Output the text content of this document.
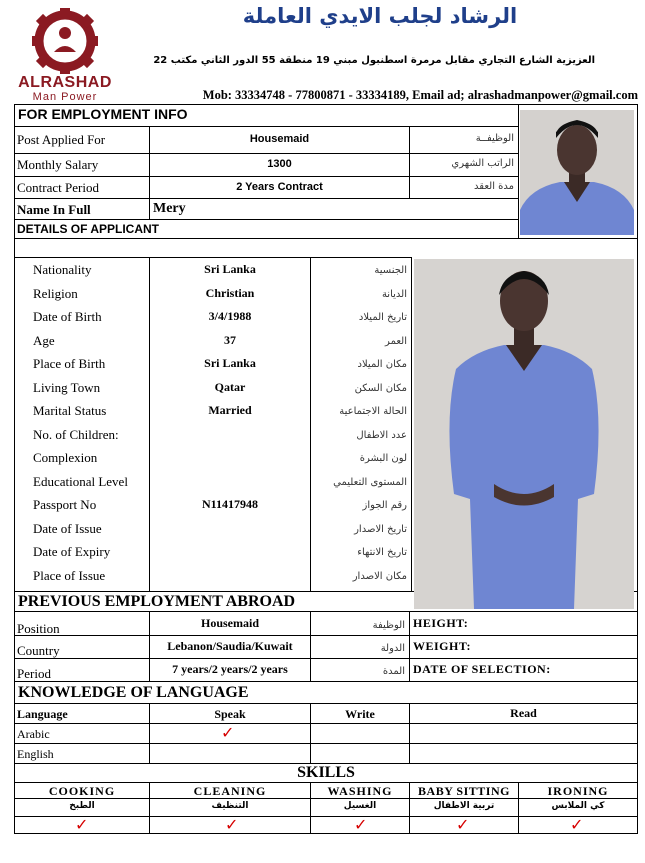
ALRASHAD
Man Power
الرشاد لجلب الايدي العاملة
العزيزية الشارع التجاري مقابل مرمرة اسطنبول مبني 19 منطقة 55 الدور الثاني مكتب 22
Mob: 33334748 - 77800871 - 33334189, Email ad; alrashadmanpower@gmail.com
FOR EMPLOYMENT INFO
Post Applied For	Housemaid	الوظيفــة
Monthly Salary	1300	الراتب الشهري
Contract Period	2 Years Contract	مدة العقد
Name In Full	Mery
DETAILS OF APPLICANT
Nationality	Sri Lanka	الجنسية
Religion	Christian	الديانة
Date of Birth	3/4/1988	تاريخ الميلاد
Age	37	العمر
Place of Birth	Sri Lanka	مكان الميلاد
Living Town	Qatar	مكان السكن
Marital Status	Married	الحالة الاجتماعية
No. of Children:	عدد الاطفال
Complexion	لون البشرة
Educational Level	المستوى التعليمي
Passport No	N11417948	رقم الجواز
Date of Issue	تاريخ الاصدار
Date of Expiry	تاريخ الانتهاء
Place of Issue	مكان الاصدار
PREVIOUS EMPLOYMENT ABROAD
Position	Housemaid	الوظيفة HEIGHT:
Country	Lebanon/Saudia/Kuwait	الدولة WEIGHT:
Period	7 years/2 years/2 years	المدة DATE OF SELECTION:
KNOWLEDGE OF LANGUAGE
Language	Speak	Write	Read
Arabic	✓
English
SKILLS
COOKING	CLEANING	WASHING	BABY SITTING	IRONING
الطبخ	التنظيف	الغسيل	تربية الاطفال	كي الملابس
✓	✓	✓	✓	✓
